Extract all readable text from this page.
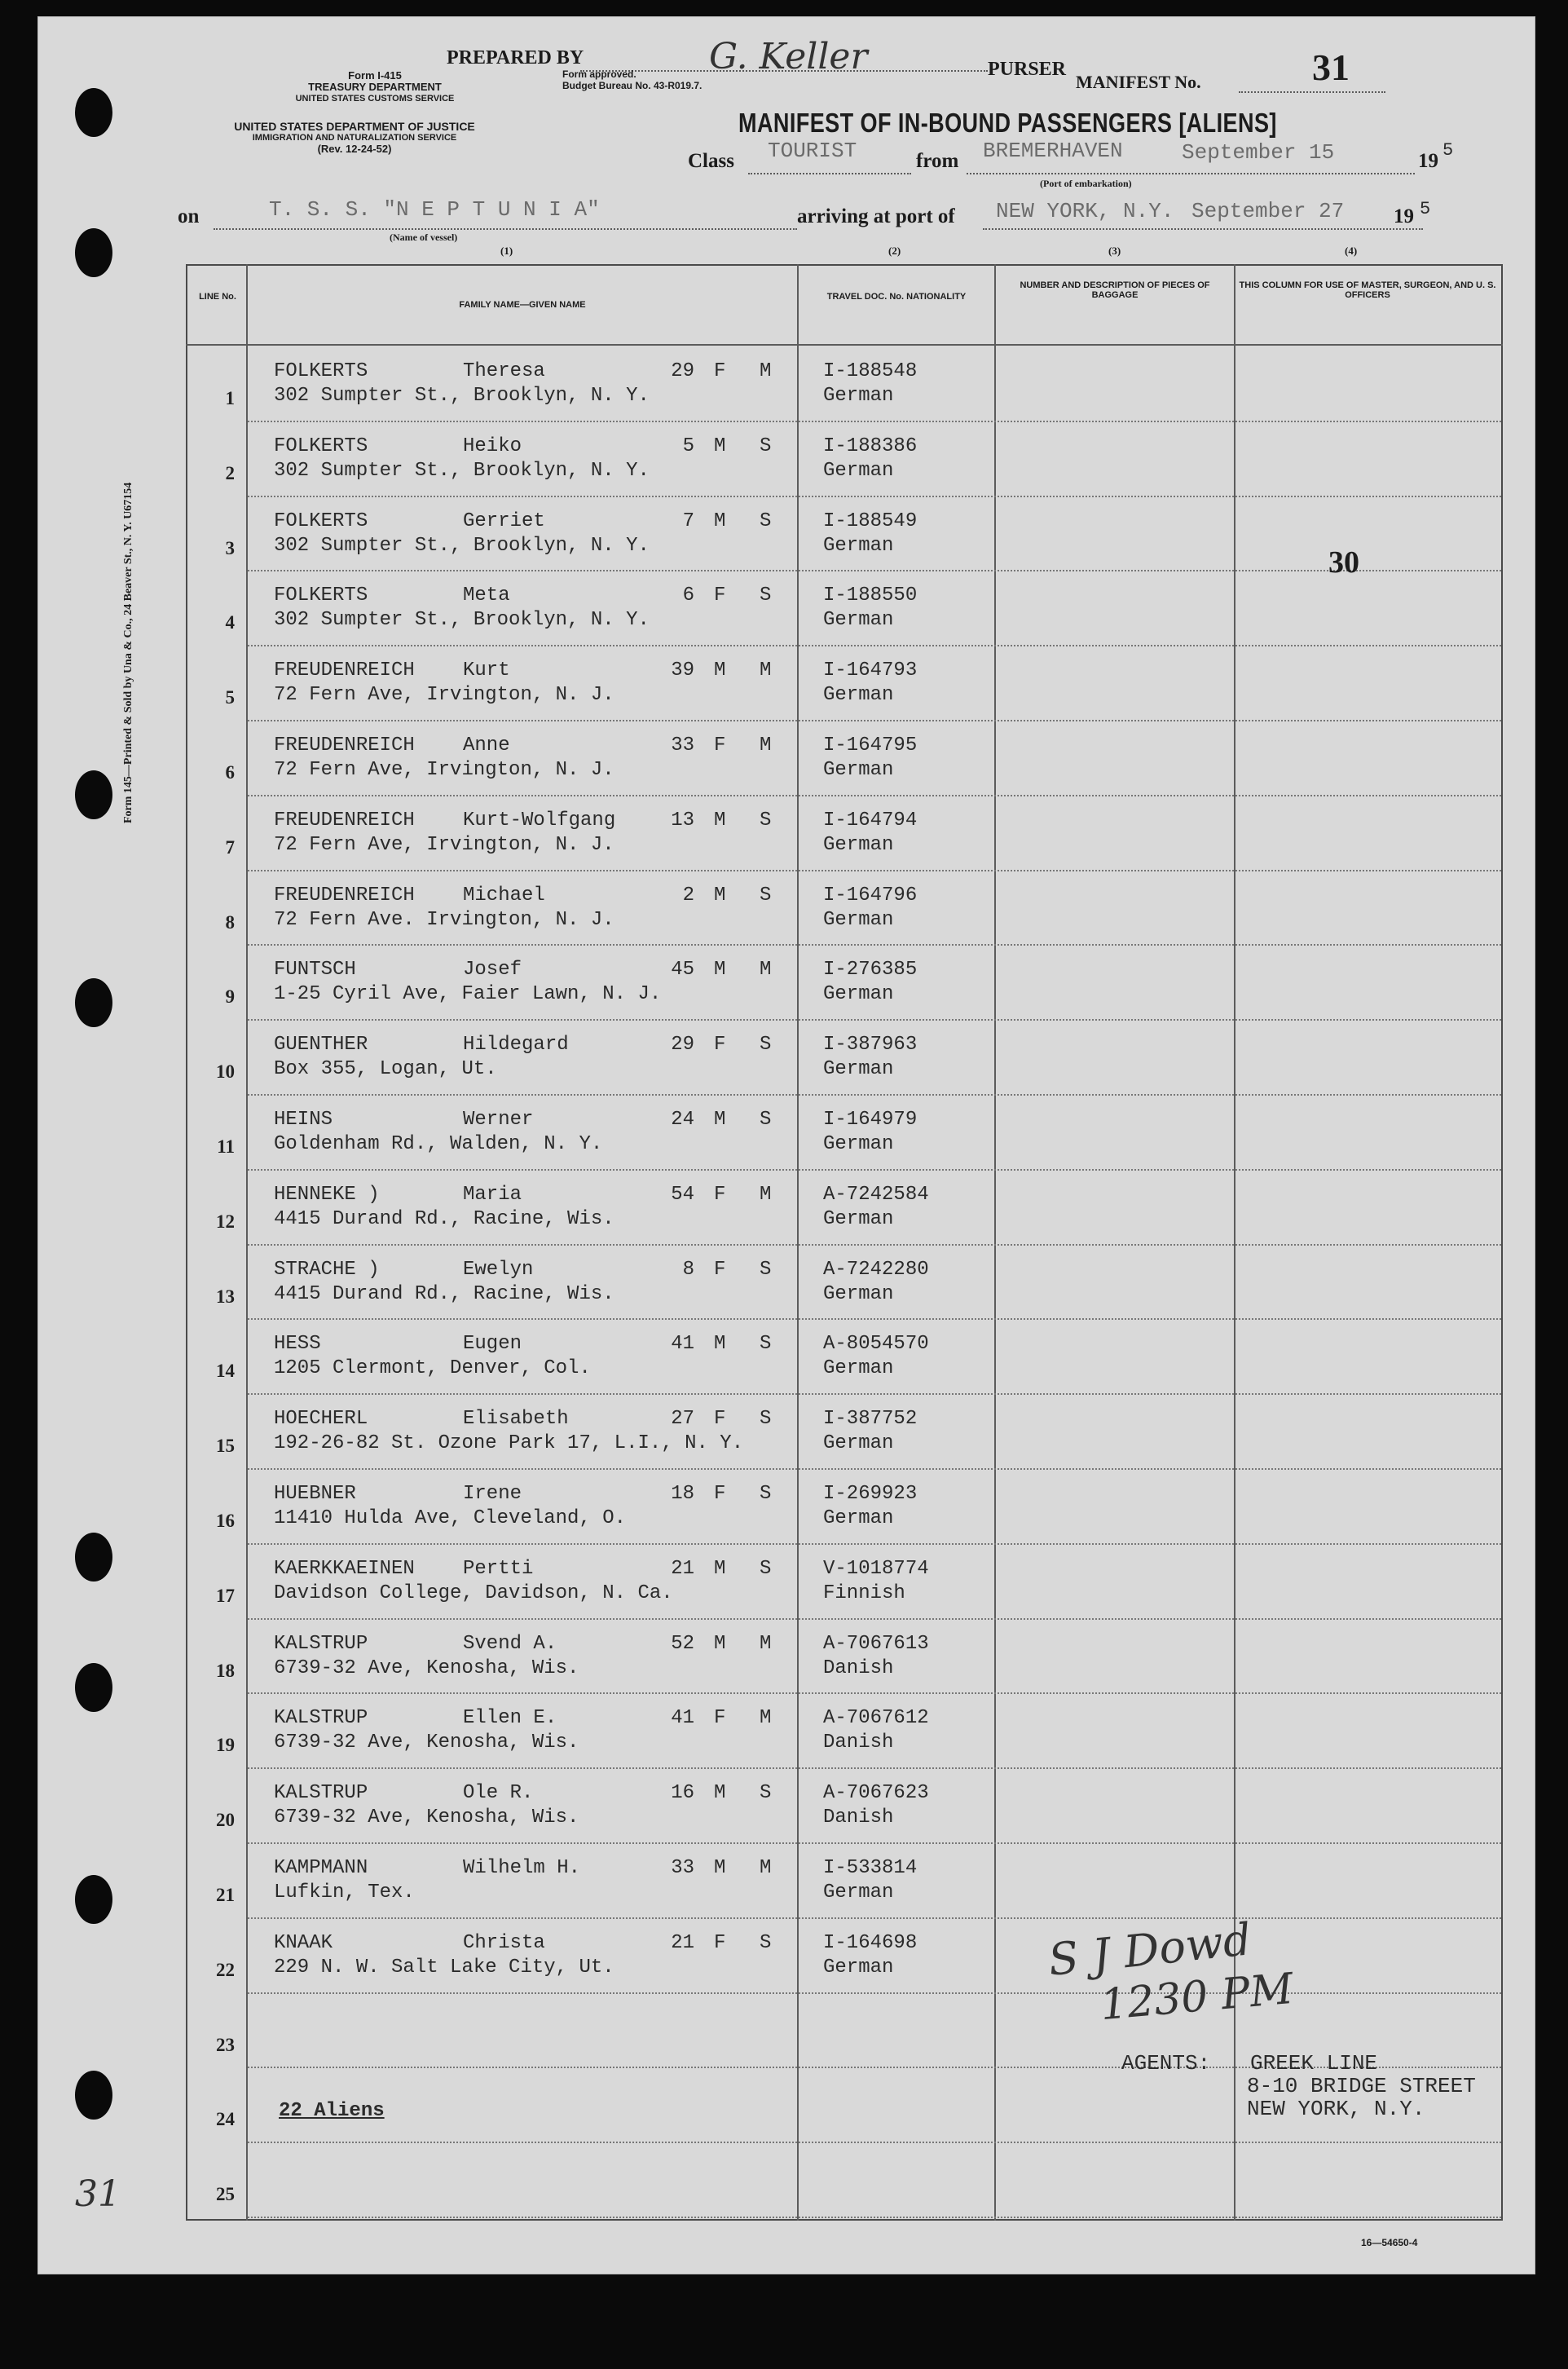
Form 145—Printed & Sold by Una & Co., 24 Beaver St., N. Y. U67154
PREPARED BY	G. Keller	PURSER
MANIFEST No.	31
Form I-415
TREASURY DEPARTMENT
UNITED STATES CUSTOMS SERVICE
Form approved.
Budget Bureau No. 43-R019.7.
UNITED STATES DEPARTMENT OF JUSTICE
IMMIGRATION AND NATURALIZATION SERVICE
(Rev. 12-24-52)
MANIFEST OF IN-BOUND PASSENGERS [ALIENS]
Class TOURIST	from BREMERHAVEN	September 15	19 5
(Port of embarkation)
on	T. S. S. "N E P T U N I A"
(Name of vessel)
arriving at port of NEW YORK, N.Y. September 27 19 5
(1)	(2)	(3)	(4)
LINE No.
FAMILY NAME—GIVEN NAME
TRAVEL DOC. No. NATIONALITY
NUMBER AND DESCRIPTION OF PIECES OF BAGGAGE
THIS COLUMN FOR USE OF MASTER, SURGEON, AND U. S. OFFICERS
1
FOLKERTS	Theresa	29 F M
302 Sumpter St., Brooklyn, N. Y.
I-188548
German
2
FOLKERTS	Heiko	5 M S
302 Sumpter St., Brooklyn, N. Y.
I-188386
German
3
FOLKERTS	Gerriet	7 M S
302 Sumpter St., Brooklyn, N. Y.
I-188549
German
4
FOLKERTS	Meta	6 F S
302 Sumpter St., Brooklyn, N. Y.
I-188550
German
5
FREUDENREICH Kurt	39 M M
72 Fern Ave, Irvington, N. J.
I-164793
German
6
FREUDENREICH Anne	33 F M
72 Fern Ave, Irvington, N. J.
I-164795
German
7
FREUDENREICH Kurt-Wolfgang	13 M S
72 Fern Ave, Irvington, N. J.
I-164794
German
8
FREUDENREICH Michael	2 M S
72 Fern Ave. Irvington, N. J.
I-164796
German
9
FUNTSCH	Josef	45 M M
1-25 Cyril Ave, Faier Lawn, N. J.
I-276385
German
10
GUENTHER	Hildegard	29 F S
Box 355, Logan, Ut.
I-387963
German
11
HEINS	Werner	24 M S
Goldenham Rd., Walden, N. Y.
I-164979
German
12
HENNEKE )	Maria	54 F M
4415 Durand Rd., Racine, Wis.
A-7242584
German
13
STRACHE )	Ewelyn	8 F S
4415 Durand Rd., Racine, Wis.
A-7242280
German
14
HESS	Eugen	41 M S
1205 Clermont, Denver, Col.
A-8054570
German
15
HOECHERL	Elisabeth	27 F S
192-26-82 St. Ozone Park 17, L.I., N. Y.
I-387752
German
16
HUEBNER	Irene	18 F S
11410 Hulda Ave, Cleveland, O.
I-269923
German
17
KAERKKAEINEN Pertti	21 M S
Davidson College, Davidson, N. Ca.
V-1018774
Finnish
18
KALSTRUP	Svend A.	52 M M
6739-32 Ave, Kenosha, Wis.
A-7067613
Danish
19
KALSTRUP	Ellen E.	41 F M
6739-32 Ave, Kenosha, Wis.
A-7067612
Danish
20
KALSTRUP	Ole R.	16 M S
6739-32 Ave, Kenosha, Wis.
A-7067623
Danish
21
KAMPMANN	Wilhelm H.	33 M M
Lufkin, Tex.
I-533814
German
22
KNAAK	Christa	21 F S
229 N. W. Salt Lake City, Ut.
I-164698
German
23
24
25
30
S J Dowd
1230 PM
AGENTS: GREEK LINE
8-10 BRIDGE STREET
NEW YORK, N.Y.
22 Aliens
31
16—54650-4
